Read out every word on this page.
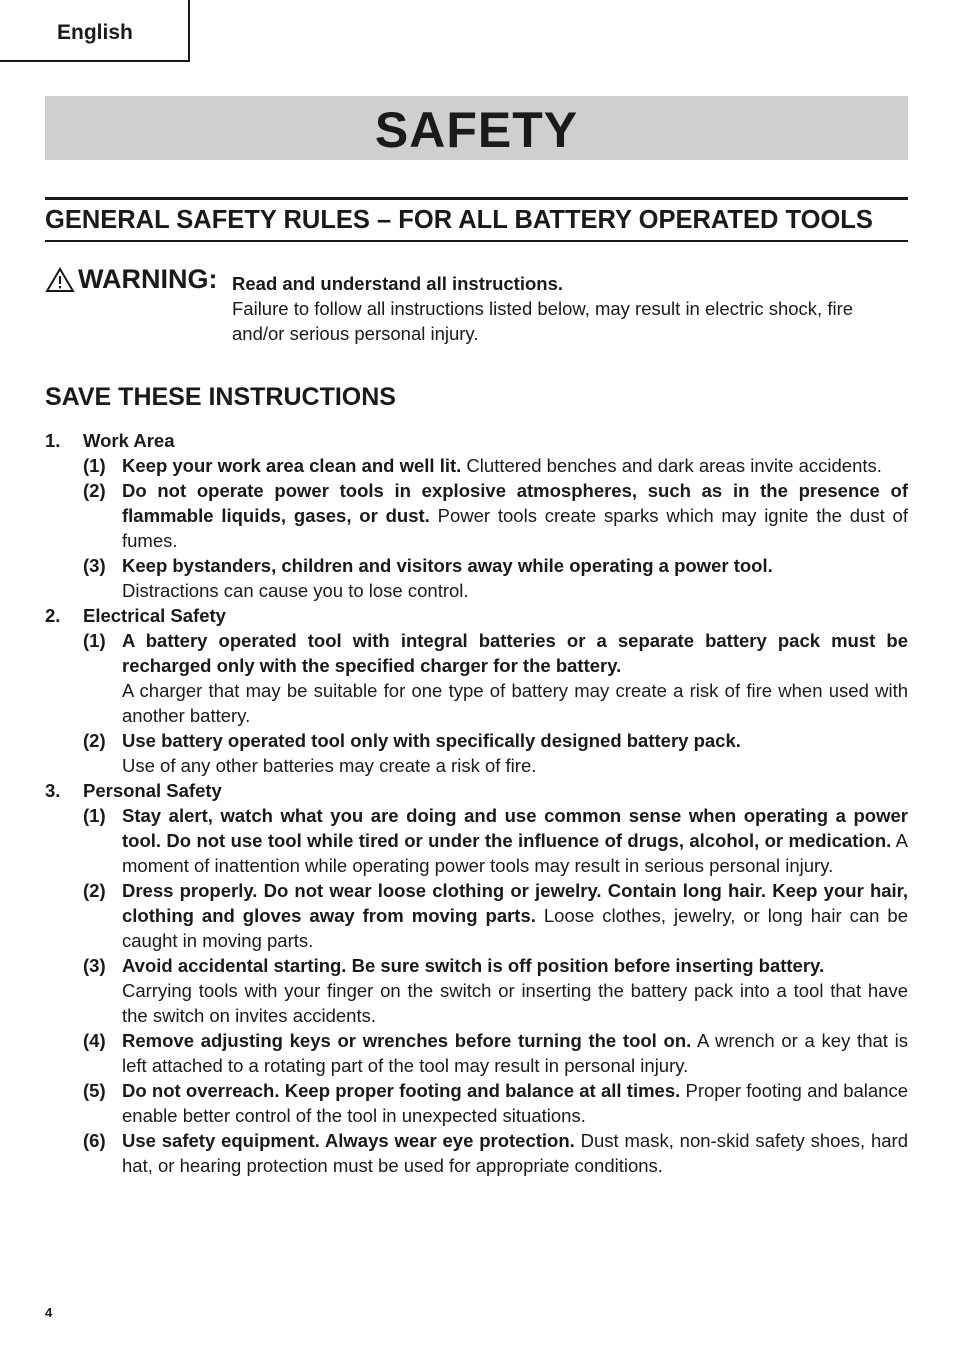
English
SAFETY
GENERAL SAFETY RULES – FOR ALL BATTERY OPERATED TOOLS
WARNING: Read and understand all instructions.
Failure to follow all instructions listed below, may result in electric shock, fire and/or serious personal injury.
SAVE THESE INSTRUCTIONS
1. Work Area
(1) Keep your work area clean and well lit. Cluttered benches and dark areas invite accidents.
(2) Do not operate power tools in explosive atmospheres, such as in the presence of flammable liquids, gases, or dust. Power tools create sparks which may ignite the dust of fumes.
(3) Keep bystanders, children and visitors away while operating a power tool.
Distractions can cause you to lose control.
2. Electrical Safety
(1) A battery operated tool with integral batteries or a separate battery pack must be recharged only with the specified charger for the battery.
A charger that may be suitable for one type of battery may create a risk of fire when used with another battery.
(2) Use battery operated tool only with specifically designed battery pack.
Use of any other batteries may create a risk of fire.
3. Personal Safety
(1) Stay alert, watch what you are doing and use common sense when operating a power tool. Do not use tool while tired or under the influence of drugs, alcohol, or medication. A moment of inattention while operating power tools may result in serious personal injury.
(2) Dress properly. Do not wear loose clothing or jewelry. Contain long hair. Keep your hair, clothing and gloves away from moving parts. Loose clothes, jewelry, or long hair can be caught in moving parts.
(3) Avoid accidental starting. Be sure switch is off position before inserting battery.
Carrying tools with your finger on the switch or inserting the battery pack into a tool that have the switch on invites accidents.
(4) Remove adjusting keys or wrenches before turning the tool on. A wrench or a key that is left attached to a rotating part of the tool may result in personal injury.
(5) Do not overreach. Keep proper footing and balance at all times. Proper footing and balance enable better control of the tool in unexpected situations.
(6) Use safety equipment. Always wear eye protection. Dust mask, non-skid safety shoes, hard hat, or hearing protection must be used for appropriate conditions.
4
